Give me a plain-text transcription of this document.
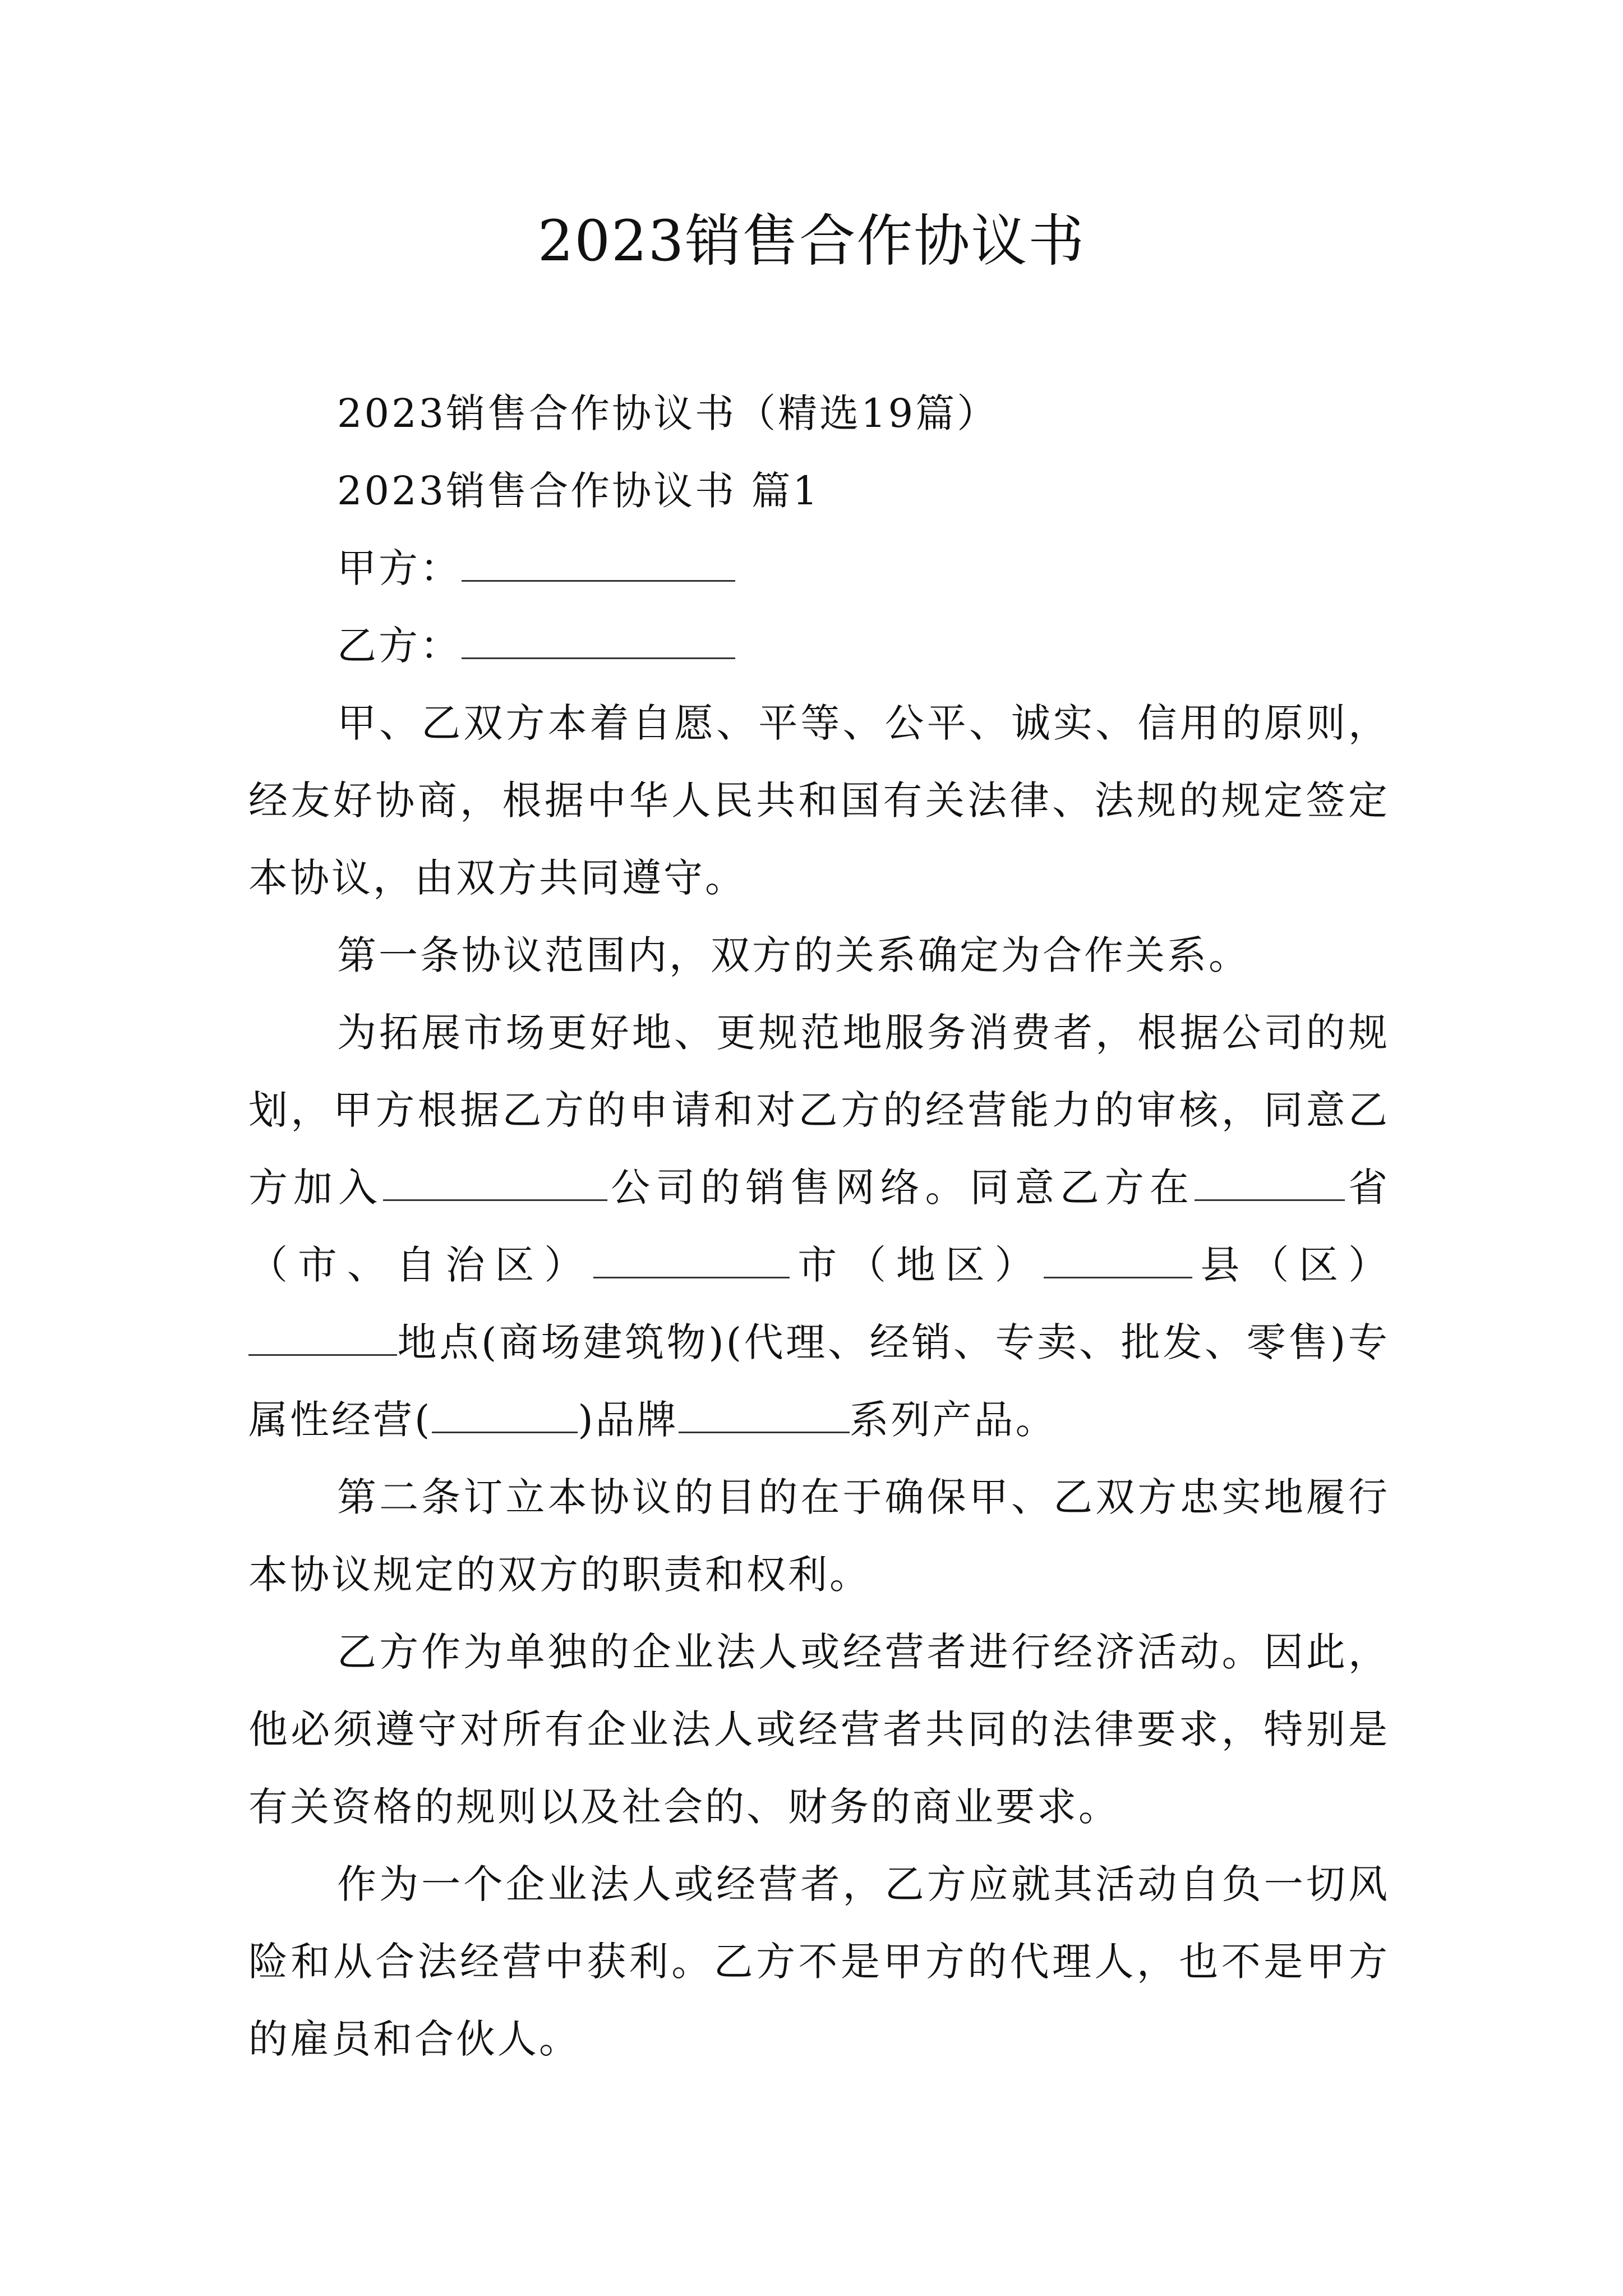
2023销售合作协议书

2023销售合作协议书（精选19篇）

2023销售合作协议书 篇1

甲方：

乙方：

甲、乙双方本着自愿、平等、公平、诚实、信用的原则，经友好协商，根据中华人民共和国有关法律、法规的规定签定本协议，由双方共同遵守。

第一条协议范围内，双方的关系确定为合作关系。

为拓展市场更好地、更规范地服务消费者，根据公司的规划，甲方根据乙方的申请和对乙方的经营能力的审核，同意乙方加入	公司的销售网络。同意乙方在	省（市、自治区）	市（地区）	县（区）地点(商场建筑物)(代理、经销、专卖、批发、零售)专属性经营(	)品牌	系列产品。

第二条订立本协议的目的在于确保甲、乙双方忠实地履行本协议规定的双方的职责和权利。

乙方作为单独的企业法人或经营者进行经济活动。因此，他必须遵守对所有企业法人或经营者共同的法律要求，特别是有关资格的规则以及社会的、财务的商业要求。

作为一个企业法人或经营者，乙方应就其活动自负一切风险和从合法经营中获利。乙方不是甲方的代理人，也不是甲方的雇员和合伙人。
